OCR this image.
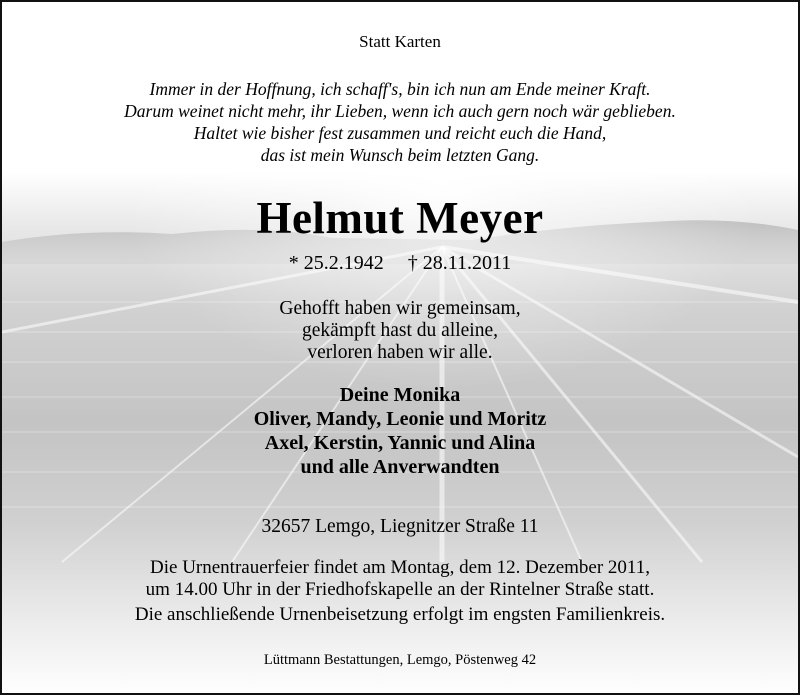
Statt Karten
Immer in der Hoffnung, ich schaff's, bin ich nun am Ende meiner Kraft.
Darum weinet nicht mehr, ihr Lieben, wenn ich auch gern noch wär geblieben.
Haltet wie bisher fest zusammen und reicht euch die Hand,
das ist mein Wunsch beim letzten Gang.
Helmut Meyer
* 25.2.1942 † 28.11.2011
Gehofft haben wir gemeinsam,
gekämpft hast du alleine,
verloren haben wir alle.
Deine Monika
Oliver, Mandy, Leonie und Moritz
Axel, Kerstin, Yannic und Alina
und alle Anverwandten
32657 Lemgo, Liegnitzer Straße 11
Die Urnentrauerfeier findet am Montag, dem 12. Dezember 2011,
um 14.00 Uhr in der Friedhofskapelle an der Rintelner Straße statt.
Die anschließende Urnenbeisetzung erfolgt im engsten Familienkreis.
Lüttmann Bestattungen, Lemgo, Pöstenweg 42
